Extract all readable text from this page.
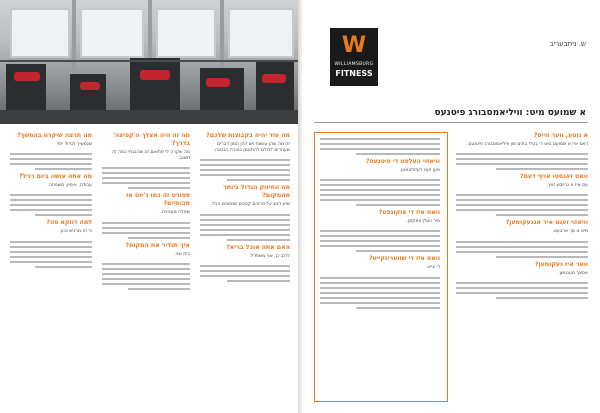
מה תרצה שיקרה בהמשך?
שנמשיך לגדול יחד.
מה אתה עושה ביום רגיל?
עבודה, אימון, משפחה.
למה דווקא פה?
כי זה מרגיש נכון.
מה זה היה אצלך ה'קפיצה' בדרך?
מה שקרה לי פתאום זה שהבנתי כמה זה חשוב.
ספורט זה כמו ג'ינס או מכנסיים?
שאלה מעניינת.
איך תגדיר את המקום?
בית שני.
מה עוד יהיה בקבוצות שלכם?
זה מה שהן עושות ויש להן המון דברים שעוזרים לכולם להתאמן בצורה הנכונה.
מה החיזוק הגדול ביותר מהמקום?
שיש דגש על פרטים קטנים שמשנים הכל.
האם אתה אוכל בריא?
לרוב כן, אני משתדל.
W
WILLIAMSBURG
FITNESS
ש. ניתבעריב
א שמועס מיט: וויליאמסבורג פיטנעס
וויאזוי העלפט די פיטנעס?
מען זעט רעזולטאטן.
וואס איז די צוקונפט?
מיר וועלן וואקסן.
וואס איז די שוועריגקייט?
די צייט.
א גוטע, ווער ווייס?
דאס איז א שמועס מיט די בעלי בתים פון וויליאמסבורג פיטנעס.
וואס זאגסטו אויף דעם?
עס איז א גרויסע זאך.
וויאזוי זענט איר אנגעקומען?
מיט א סך ארבעט.
ווער איז געקומען?
אסאך מענטשן.
